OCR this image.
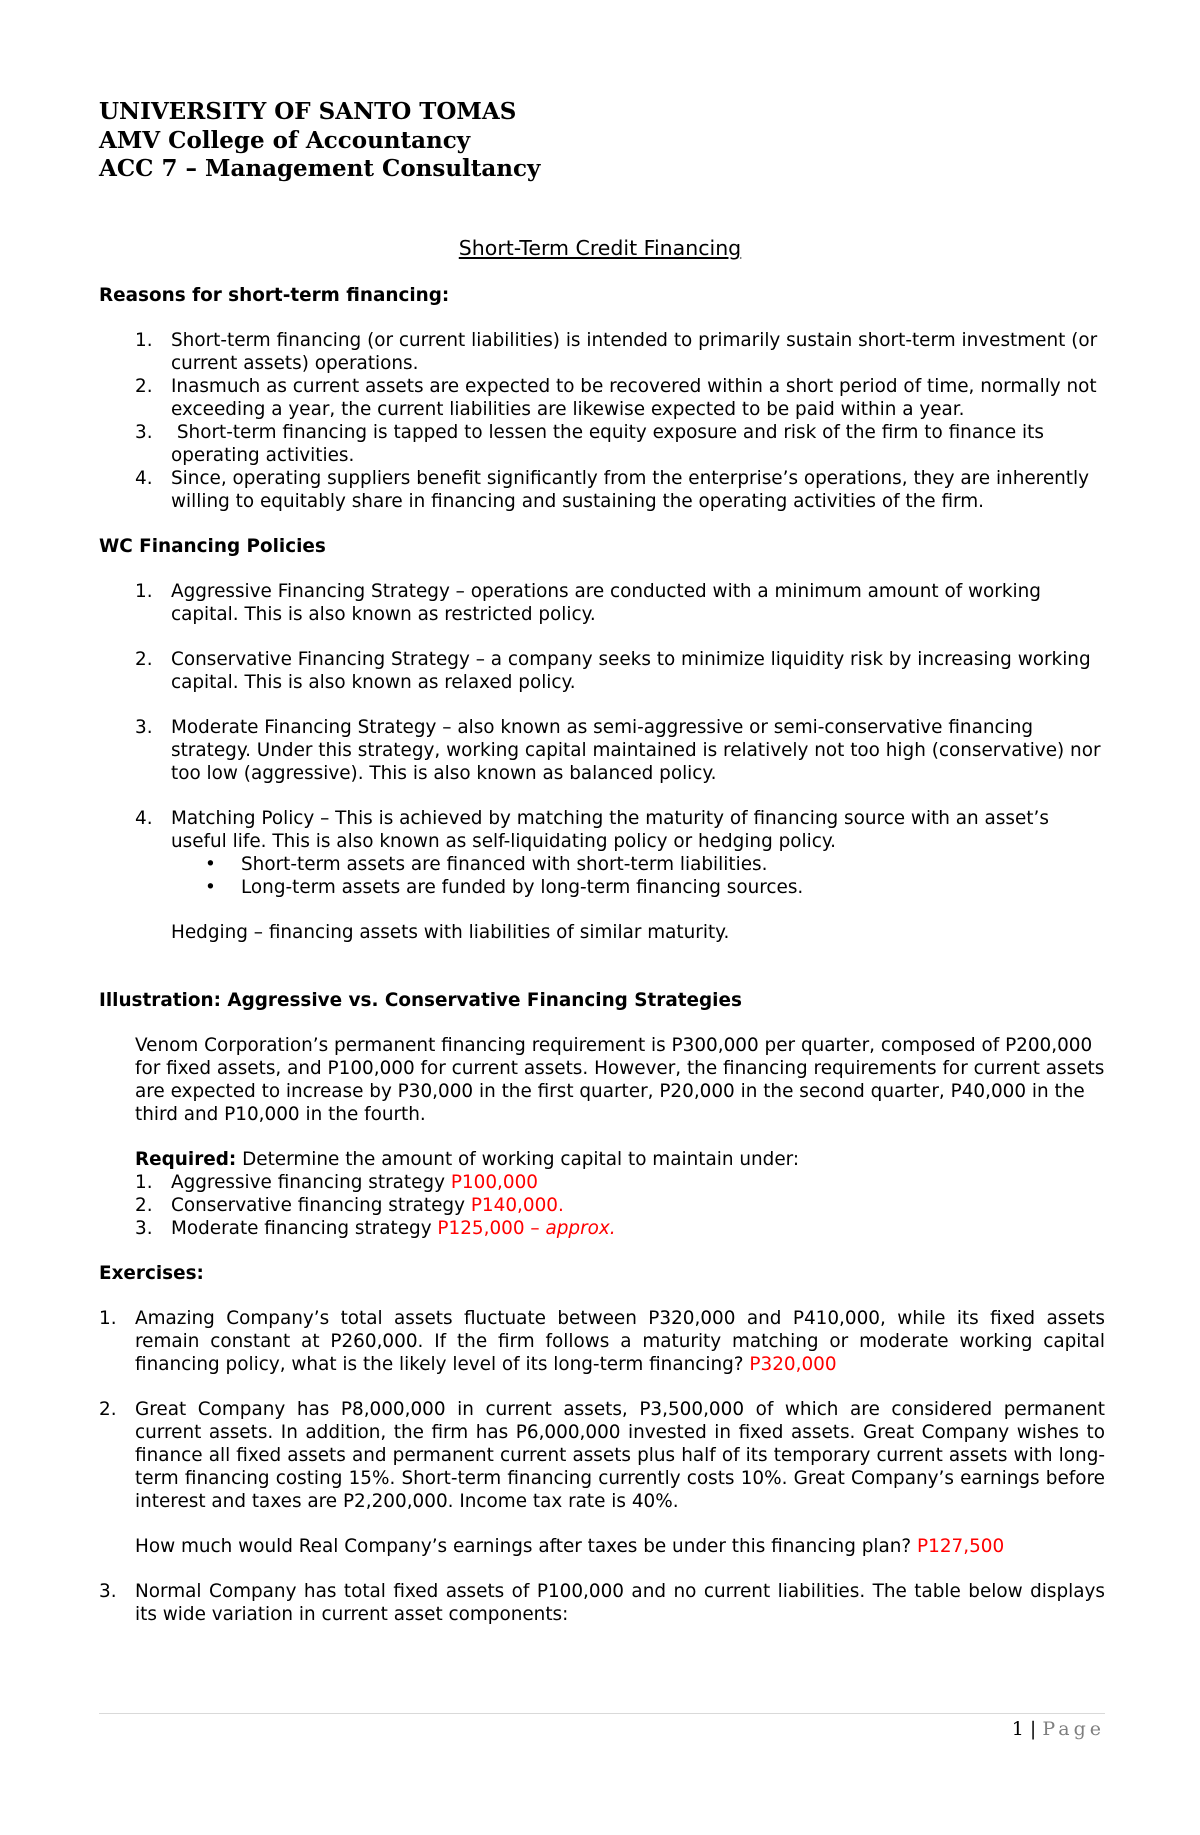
UNIVERSITY OF SANTO TOMAS
AMV College of Accountancy
ACC 7 – Management Consultancy
Short-Term Credit Financing
Reasons for short-term financing:
1. Short-term financing (or current liabilities) is intended to primarily sustain short-term investment (or current assets) operations.
2. Inasmuch as current assets are expected to be recovered within a short period of time, normally not exceeding a year, the current liabilities are likewise expected to be paid within a year.
3. Short-term financing is tapped to lessen the equity exposure and risk of the firm to finance its operating activities.
4. Since, operating suppliers benefit significantly from the enterprise’s operations, they are inherently willing to equitably share in financing and sustaining the operating activities of the firm.
WC Financing Policies
1. Aggressive Financing Strategy – operations are conducted with a minimum amount of working capital. This is also known as restricted policy.
2. Conservative Financing Strategy – a company seeks to minimize liquidity risk by increasing working capital. This is also known as relaxed policy.
3. Moderate Financing Strategy – also known as semi-aggressive or semi-conservative financing strategy. Under this strategy, working capital maintained is relatively not too high (conservative) nor too low (aggressive). This is also known as balanced policy.
4. Matching Policy – This is achieved by matching the maturity of financing source with an asset’s useful life. This is also known as self-liquidating policy or hedging policy.
• Short-term assets are financed with short-term liabilities.
• Long-term assets are funded by long-term financing sources.
Hedging – financing assets with liabilities of similar maturity.
Illustration: Aggressive vs. Conservative Financing Strategies
Venom Corporation’s permanent financing requirement is P300,000 per quarter, composed of P200,000 for fixed assets, and P100,000 for current assets. However, the financing requirements for current assets are expected to increase by P30,000 in the first quarter, P20,000 in the second quarter, P40,000 in the third and P10,000 in the fourth.
Required: Determine the amount of working capital to maintain under:
1. Aggressive financing strategy P100,000
2. Conservative financing strategy P140,000.
3. Moderate financing strategy P125,000 – approx.
Exercises:
1. Amazing Company’s total assets fluctuate between P320,000 and P410,000, while its fixed assets remain constant at P260,000. If the firm follows a maturity matching or moderate working capital financing policy, what is the likely level of its long-term financing? P320,000
2. Great Company has P8,000,000 in current assets, P3,500,000 of which are considered permanent current assets. In addition, the firm has P6,000,000 invested in fixed assets. Great Company wishes to finance all fixed assets and permanent current assets plus half of its temporary current assets with long-term financing costing 15%. Short-term financing currently costs 10%. Great Company’s earnings before interest and taxes are P2,200,000. Income tax rate is 40%.
How much would Real Company’s earnings after taxes be under this financing plan? P127,500
3. Normal Company has total fixed assets of P100,000 and no current liabilities. The table below displays its wide variation in current asset components:
1 | Page
